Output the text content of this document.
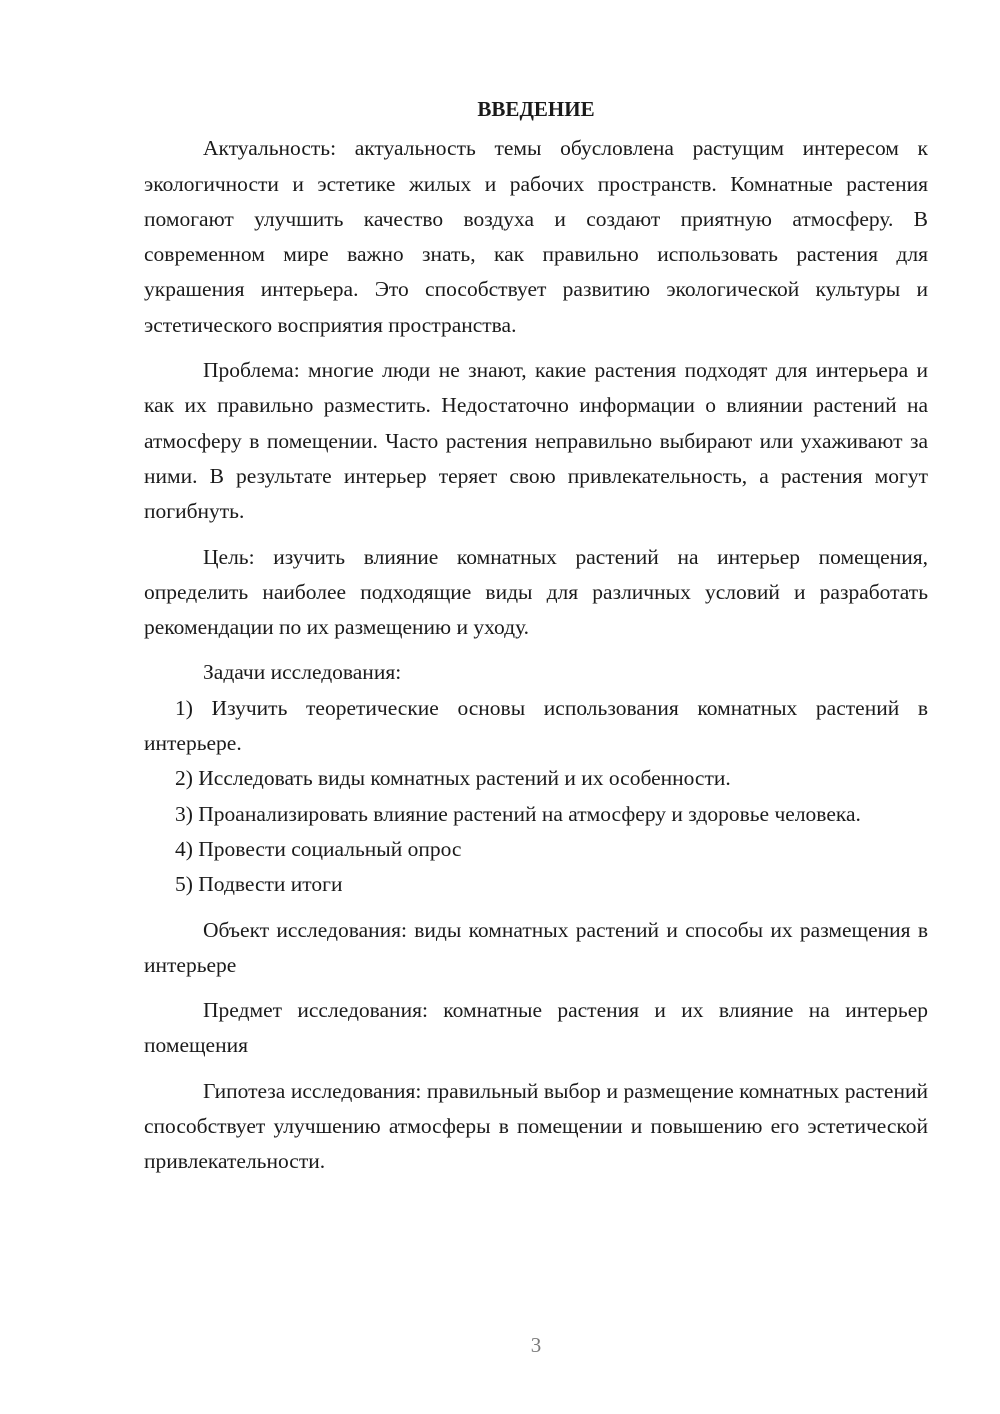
ВВЕДЕНИЕ

Актуальность: актуальность темы обусловлена растущим интересом к экологичности и эстетике жилых и рабочих пространств. Комнатные растения помогают улучшить качество воздуха и создают приятную атмосферу. В современном мире важно знать, как правильно использовать растения для украшения интерьера. Это способствует развитию экологической культуры и эстетического восприятия пространства.

Проблема: многие люди не знают, какие растения подходят для интерьера и как их правильно разместить. Недостаточно информации о влиянии растений на атмосферу в помещении. Часто растения неправильно выбирают или ухаживают за ними. В результате интерьер теряет свою привлекательность, а растения могут погибнуть.

Цель: изучить влияние комнатных растений на интерьер помещения, определить наиболее подходящие виды для различных условий и разработать рекомендации по их размещению и уходу.

Задачи исследования:

1) Изучить теоретические основы использования комнатных растений в интерьере.

2) Исследовать виды комнатных растений и их особенности.

3) Проанализировать влияние растений на атмосферу и здоровье человека.

4) Провести социальный опрос

5) Подвести итоги

Объект исследования: виды комнатных растений и способы их размещения в интерьере

Предмет исследования: комнатные растения и их влияние на интерьер помещения

Гипотеза исследования: правильный выбор и размещение комнатных растений способствует улучшению атмосферы в помещении и повышению его эстетической привлекательности.

3
